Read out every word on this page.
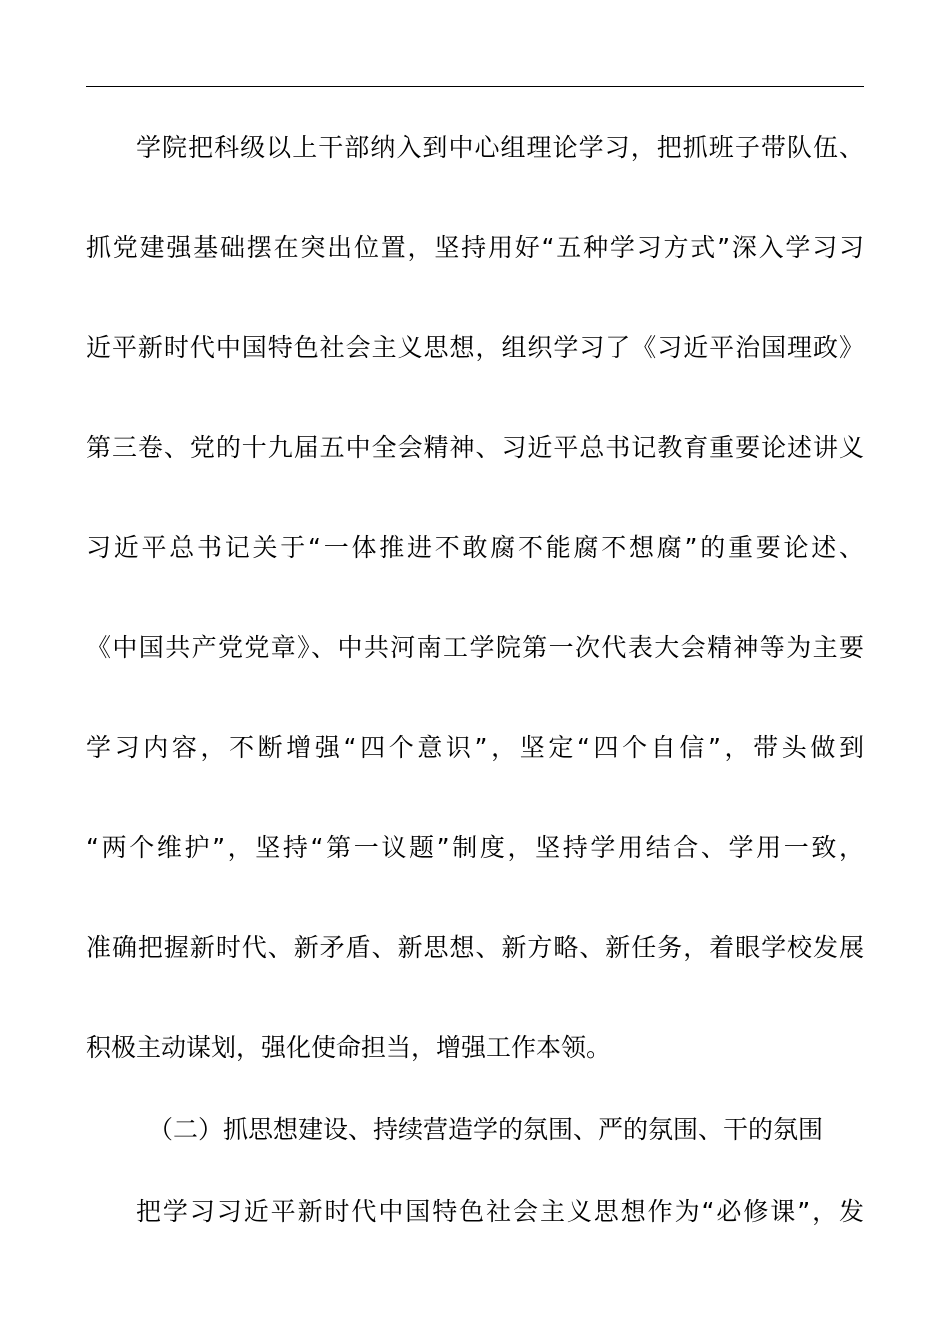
学院把科级以上干部纳入到中心组理论学习，把抓班子带队伍、
抓党建强基础摆在突出位置，坚持用好“五种学习方式”深入学习习
近平新时代中国特色社会主义思想，组织学习了《习近平治国理政》
第三卷、党的十九届五中全会精神、习近平总书记教育重要论述讲义
习近平总书记关于“一体推进不敢腐不能腐不想腐”的重要论述、
《中国共产党党章》、中共河南工学院第一次代表大会精神等为主要
学习内容，不断增强“四个意识”，坚定“四个自信”，带头做到
“两个维护”，坚持“第一议题”制度，坚持学用结合、学用一致，
准确把握新时代、新矛盾、新思想、新方略、新任务，着眼学校发展
积极主动谋划，强化使命担当，增强工作本领。
（二）抓思想建设、持续营造学的氛围、严的氛围、干的氛围
把学习习近平新时代中国特色社会主义思想作为“必修课”，发
